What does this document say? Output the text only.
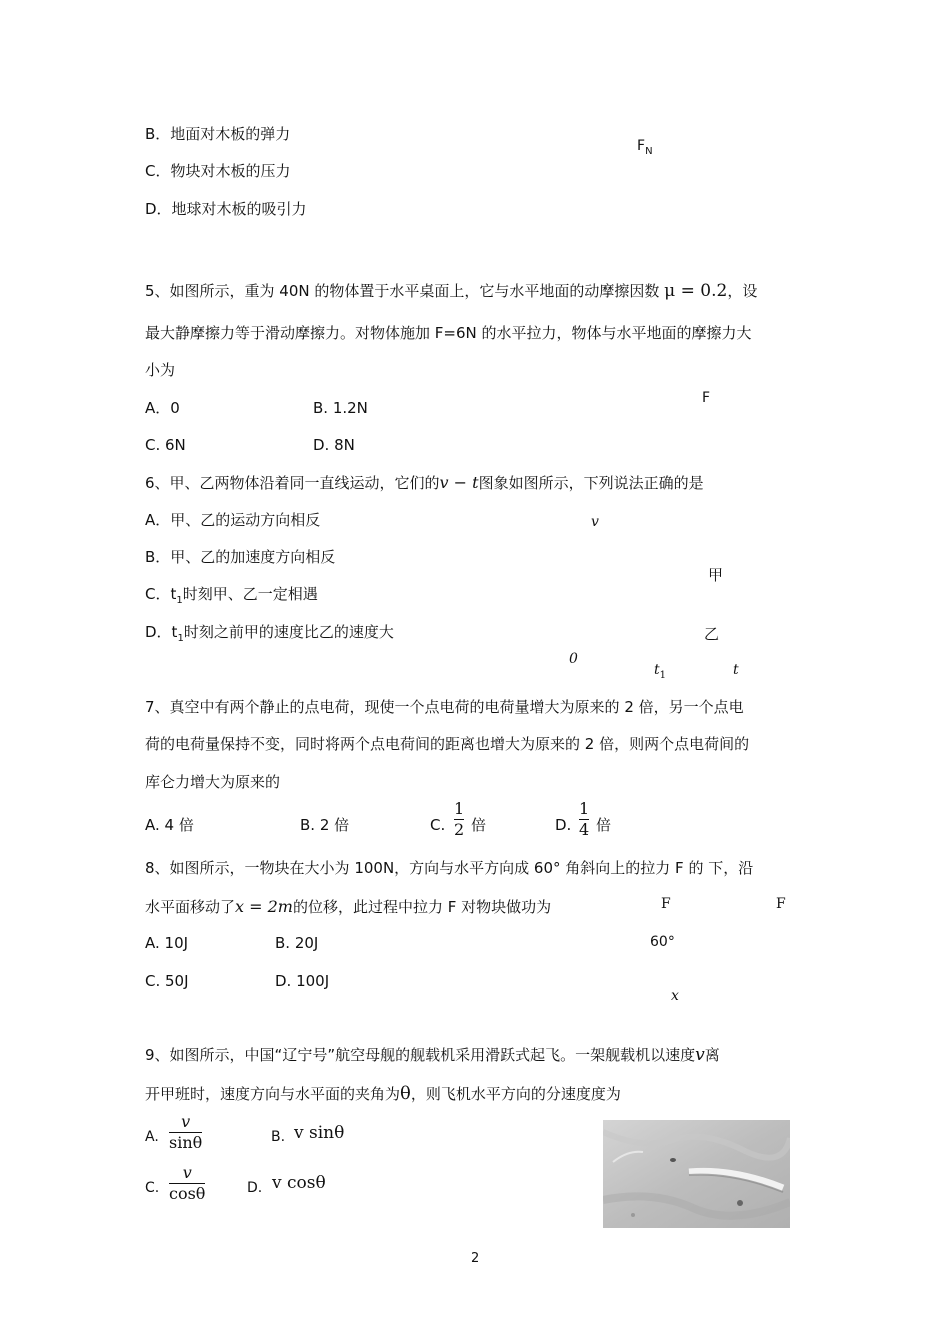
B．地面对木板的弹力
C．物块对木板的压力
D．地球对木板的吸引力
$F_N$
5、如图所示，重为 40N 的物体置于水平桌面上，它与水平地面的动摩擦因数 μ = 0.2，设
最大静摩擦力等于滑动摩擦力。对物体施加 F=6N 的水平拉力，物体与水平地面的摩擦力大
小为
A．0	B. 1.2N
C. 6N	D. 8N
F
6、甲、乙两物体沿着同一直线运动，它们的v − t图象如图所示，下列说法正确的是
A．甲、乙的运动方向相反
B．甲、乙的加速度方向相反
C．$t_1$时刻甲、乙一定相遇
D．$t_1$时刻之前甲的速度比乙的速度大
v
甲
乙
0
$t_1$	t
7、真空中有两个静止的点电荷，现使一个点电荷的电荷量增大为原来的 2 倍，另一个点电
荷的电荷量保持不变，同时将两个点电荷间的距离也增大为原来的 2 倍，则两个点电荷间的
库仑力增大为原来的
A. 4 倍	B. 2 倍	C.
1
2 倍	D.
1
4 倍
8、如图所示，一物块在大小为 100N，方向与水平方向成 60° 角斜向上的拉力 F 的 下，沿
水平面移动了x = 2m的位移，此过程中拉力 F 对物块做功为
A. 10J	B. 20J
C. 50J	D. 100J
F	F
60°
x
9、如图所示，中国“辽宁号”航空母舰的舰载机采用滑跃式起飞。一架舰载机以速度v离
开甲班时，速度方向与水平面的夹角为θ，则飞机水平方向的分速度度为
A.
v
sinθ	B. v sinθ
C.
v
cosθ	D. v cosθ
2
